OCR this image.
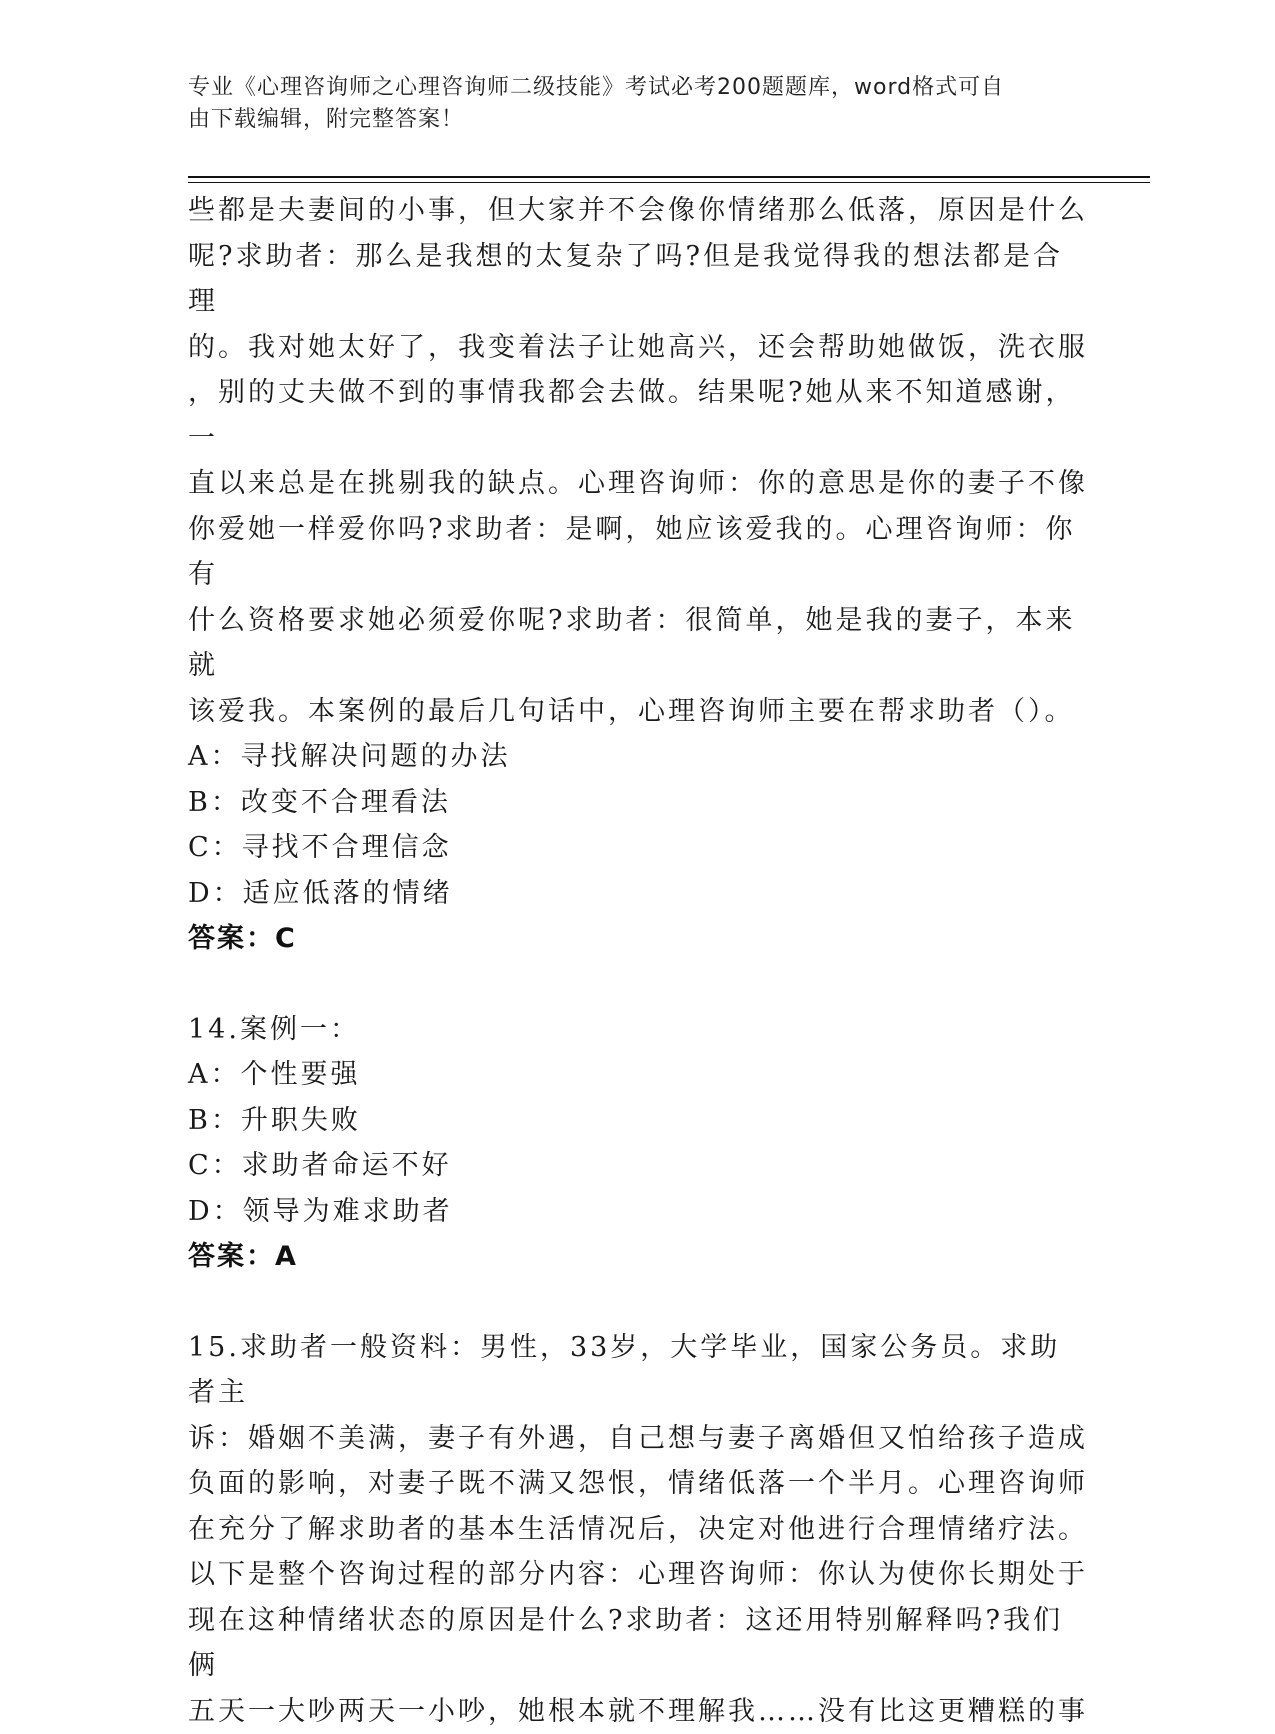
专业《心理咨询师之心理咨询师二级技能》考试必考200题题库，word格式可自
由下载编辑，附完整答案！

些都是夫妻间的小事，但大家并不会像你情绪那么低落，原因是什么

呢?求助者：那么是我想的太复杂了吗?但是我觉得我的想法都是合理

的。我对她太好了，我变着法子让她高兴，还会帮助她做饭，洗衣服

，别的丈夫做不到的事情我都会去做。结果呢?她从来不知道感谢，一

直以来总是在挑剔我的缺点。心理咨询师：你的意思是你的妻子不像

你爱她一样爱你吗?求助者：是啊，她应该爱我的。心理咨询师：你有

什么资格要求她必须爱你呢?求助者：很简单，她是我的妻子，本来就

该爱我。本案例的最后几句话中，心理咨询师主要在帮求助者（）。

A：寻找解决问题的办法

B：改变不合理看法

C：寻找不合理信念

D：适应低落的情绪

答案：C

14.案例一：

A：个性要强

B：升职失败

C：求助者命运不好

D：领导为难求助者

答案：A

15.求助者一般资料：男性，33岁，大学毕业，国家公务员。求助者主

诉：婚姻不美满，妻子有外遇，自己想与妻子离婚但又怕给孩子造成

负面的影响，对妻子既不满又怨恨，情绪低落一个半月。心理咨询师

在充分了解求助者的基本生活情况后，决定对他进行合理情绪疗法。

以下是整个咨询过程的部分内容：心理咨询师：你认为使你长期处于

现在这种情绪状态的原因是什么?求助者：这还用特别解释吗?我们俩

五天一大吵两天一小吵，她根本就不理解我……没有比这更糟糕的事
